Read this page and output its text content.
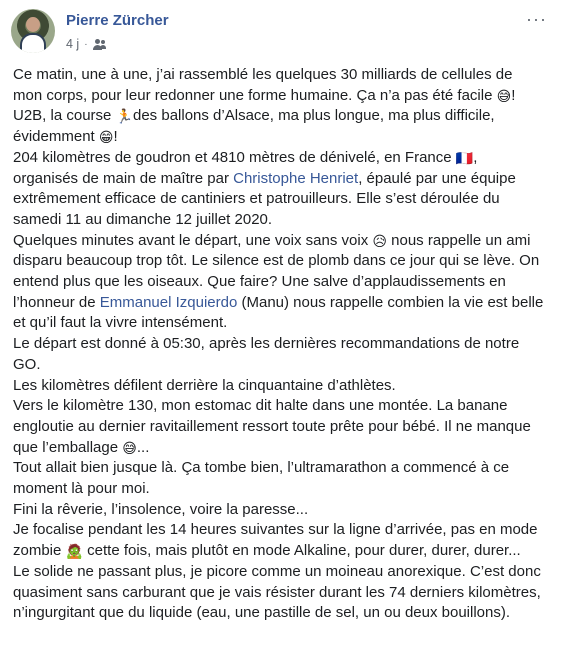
Pierre Zürcher
4 j ·
···

Ce matin, une à une, j’ai rassemblé les quelques 30 milliards de cellules de mon corps, pour leur redonner une forme humaine. Ça n’a pas été facile 😅!

U2B, la course 🏃des ballons d’Alsace, ma plus longue, ma plus difficile, évidemment 😁!

204 kilomètres de goudron et 4810 mètres de dénivelé, en France 🇫🇷, organisés de main de maître par Christophe Henriet, épaulé par une équipe extrêmement efficace de cantiniers et patrouilleurs. Elle s’est déroulée du samedi 11 au dimanche 12 juillet 2020.

Quelques minutes avant le départ, une voix sans voix 😥 nous rappelle un ami disparu beaucoup trop tôt. Le silence est de plomb dans ce jour qui se lève. On entend plus que les oiseaux. Que faire? Une salve d’applaudissements en l’honneur de Emmanuel Izquierdo (Manu) nous rappelle combien la vie est belle et qu’il faut la vivre intensément.

Le départ est donné à 05:30, après les dernières recommandations de notre GO.

Les kilomètres défilent derrière la cinquantaine d’athlètes.

Vers le kilomètre 130, mon estomac dit halte dans une montée. La banane engloutie au dernier ravitaillement ressort toute prête pour bébé. Il ne manque que l’emballage 😅...

Tout allait bien jusque là. Ça tombe bien, l’ultramarathon a commencé à ce moment là pour moi.

Fini la rêverie, l’insolence, voire la paresse...

Je focalise pendant les 14 heures suivantes sur la ligne d’arrivée, pas en mode zombie 🧟 cette fois, mais plutôt en mode Alkaline, pour durer, durer, durer...

Le solide ne passant plus, je picore comme un moineau anorexique. C’est donc quasiment sans carburant que je vais résister durant les 74 derniers kilomètres, n’ingurgitant que du liquide (eau, une pastille de sel, un ou deux bouillons).
